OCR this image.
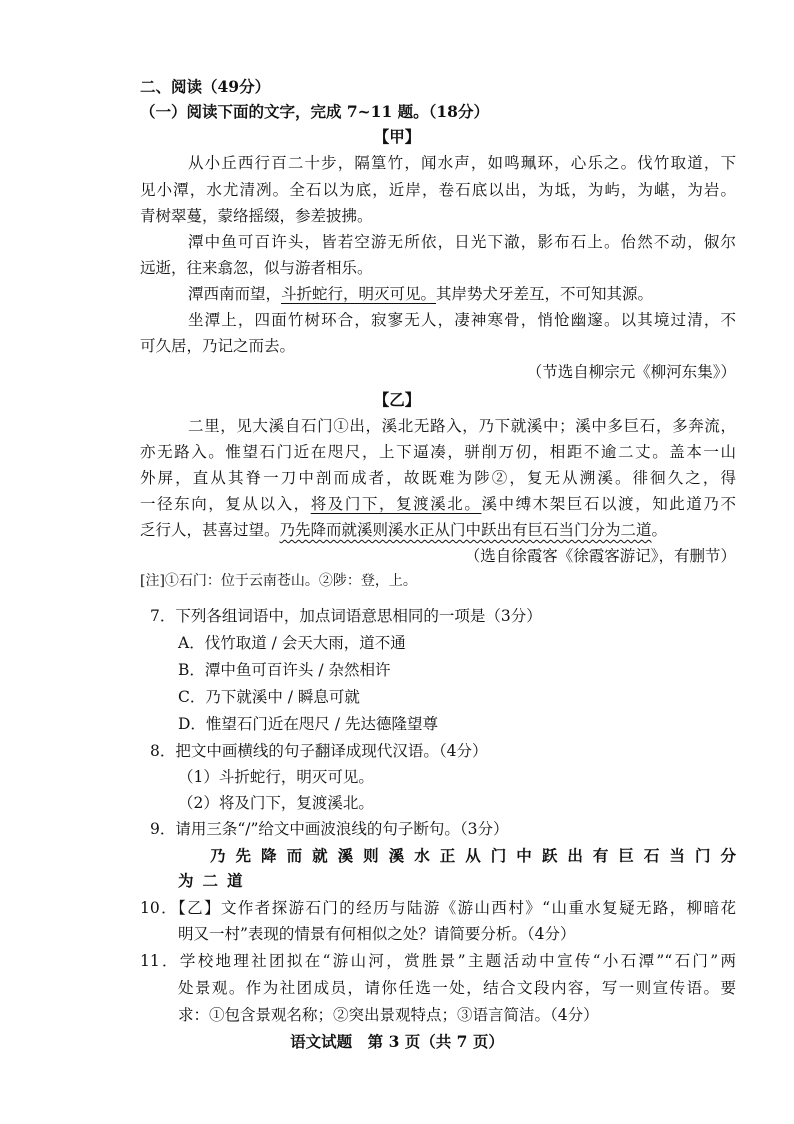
二、阅读（49分）
（一）阅读下面的文字，完成 7~11 题。（18分）
【甲】
从小丘西行百二十步，隔篁竹，闻水声，如鸣珮环，心乐之。伐竹取道，下
见小潭，水尤清冽。全石以为底，近岸，卷石底以出，为坻，为屿，为嵁，为岩。
青树翠蔓，蒙络摇缀，参差披拂。
潭中鱼可百许头，皆若空游无所依，日光下澈，影布石上。佁然不动，俶尔
远逝，往来翕忽，似与游者相乐。
潭西南而望，斗折蛇行，明灭可见。其岸势犬牙差互，不可知其源。
坐潭上，四面竹树环合，寂寥无人，凄神寒骨，悄怆幽邃。以其境过清，不
可久居，乃记之而去。
（节选自柳宗元《柳河东集》）
【乙】
二里，见大溪自石门①出，溪北无路入，乃下就溪中；溪中多巨石，多奔流，
亦无路入。惟望石门近在咫尺，上下逼凑，骈削万仞，相距不逾二丈。盖本一山
外屏，直从其脊一刀中剖而成者，故既难为陟②，复无从溯溪。徘徊久之，得
一径东向，复从以入，将及门下，复渡溪北。溪中缚木架巨石以渡，知此道乃不
乏行人，甚喜过望。乃先降而就溪则溪水正从门中跃出有巨石当门分为二道。
（选自徐霞客《徐霞客游记》，有删节）
[注]①石门：位于云南苍山。②陟：登，上。
7．下列各组词语中，加点词语意思相同的一项是（3分）
A．伐竹取道 / 会天大雨，道不通
B．潭中鱼可百许头 / 杂然相许
C．乃下就溪中 / 瞬息可就
D．惟望石门近在咫尺 / 先达德隆望尊
8．把文中画横线的句子翻译成现代汉语。（4分）
（1）斗折蛇行，明灭可见。
（2）将及门下，复渡溪北。
9．请用三条“/”给文中画波浪线的句子断句。（3分）
乃先降而就溪则溪水正从门中跃出有巨石当门分
为二道
10．【乙】文作者探游石门的经历与陆游《游山西村》“山重水复疑无路，柳暗花
明又一村”表现的情景有何相似之处？请简要分析。（4分）
11．学校地理社团拟在“游山河，赏胜景”主题活动中宣传“小石潭”“石门”两
处景观。作为社团成员，请你任选一处，结合文段内容，写一则宣传语。要
求：①包含景观名称；②突出景观特点；③语言简洁。（4分）
语文试题　第 3 页（共 7 页）
